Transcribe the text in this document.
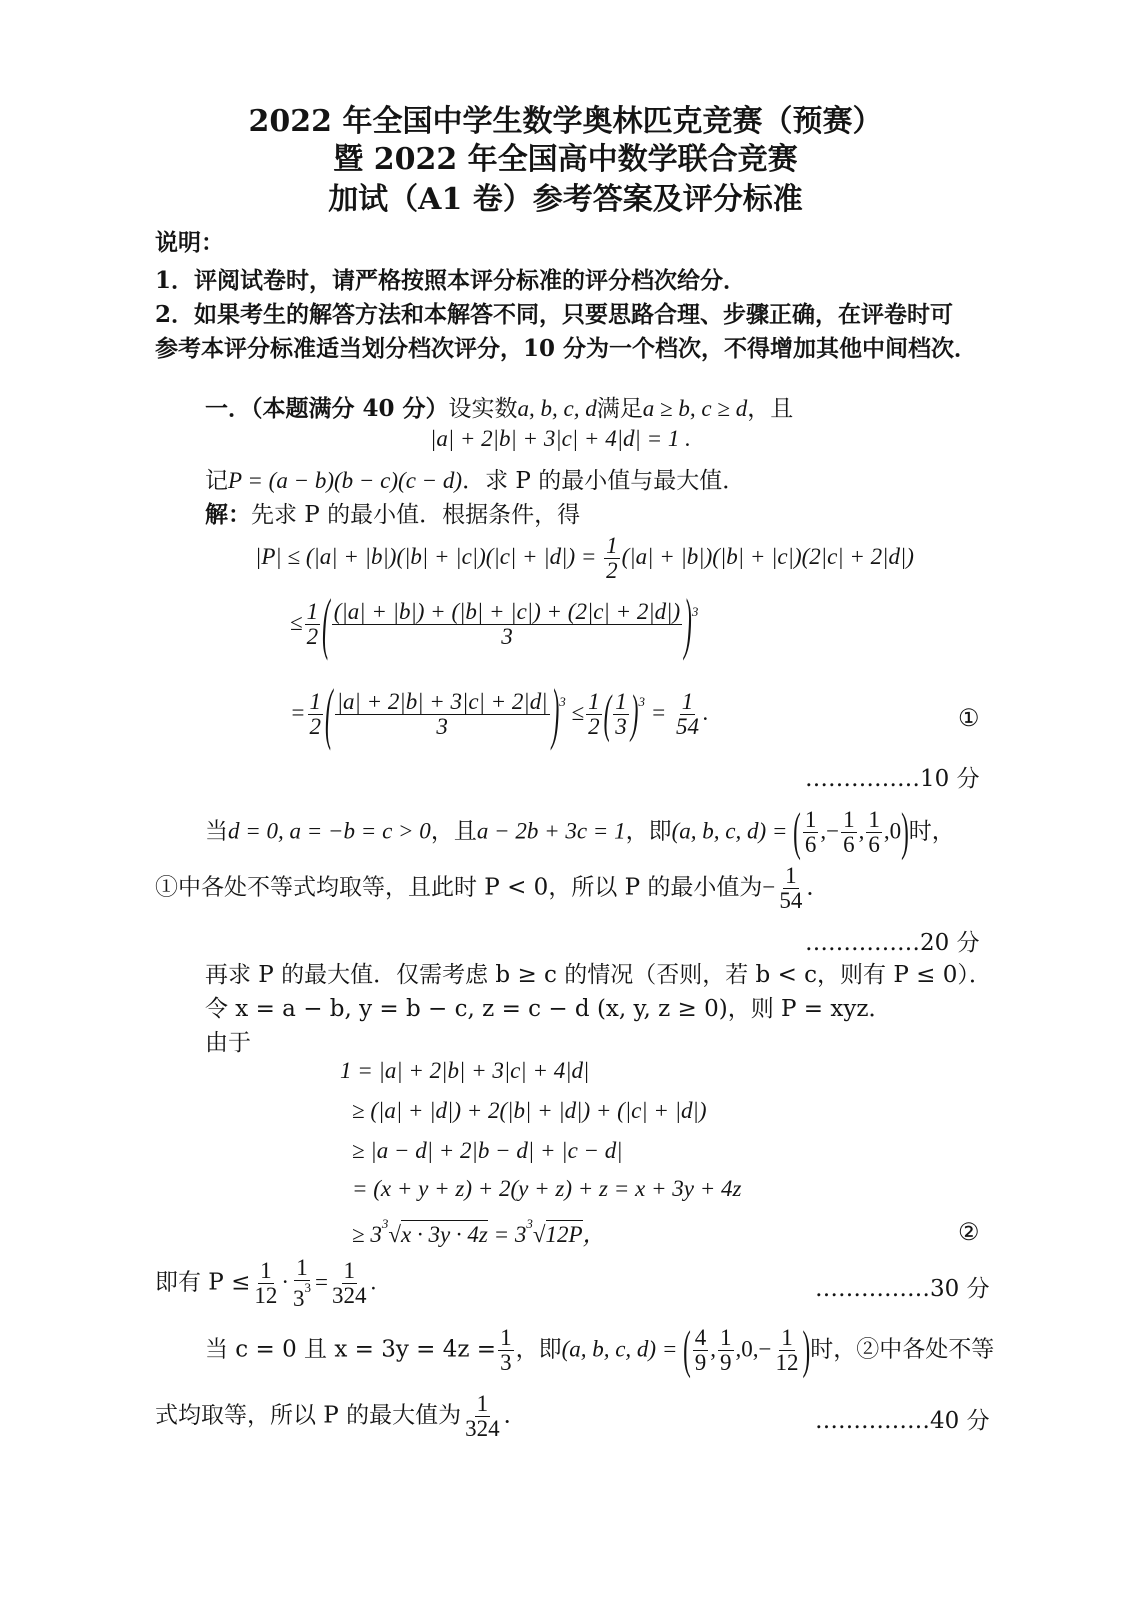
2022 年全国中学生数学奥林匹克竞赛（预赛）
暨 2022 年全国高中数学联合竞赛
加试（A1 卷）参考答案及评分标准
说明：
1．评阅试卷时，请严格按照本评分标准的评分档次给分．
2．如果考生的解答方法和本解答不同，只要思路合理、步骤正确，在评卷时可
参考本评分标准适当划分档次评分，10 分为一个档次，不得增加其他中间档次．
一．（本题满分 40 分）设实数a, b, c, d满足a ≥ b, c ≥ d，且
|a| + 2|b| + 3|c| + 4|d| = 1 .
记P = (a − b)(b − c)(c − d)．求 P 的最小值与最大值．
解：先求 P 的最小值．根据条件，得
$|P| \le (|a| + |b|)(|b| + |c|)(|c| + |d|) = \frac{1}{2} (|a| + |b|)(|b| + |c|)(2|c| + 2|d|)$
≤ $\frac{1}{2}$ ( $\frac{(|a| + |b|) + (|b| + |c|) + (2|c| + 2|d|)}{3} )^3$
= $\frac{1}{2}$ ( $\frac{|a| + 2|b| + 3|c| + 2|d|}{3} )^3 \le \frac{1}{2}$ ( $\frac{1}{3} )^3 = \frac{1}{54}$ .	①
……………10 分
当d = 0, a = −b = c > 0，且a − 2b + 3c = 1，即(a, b, c, d) = ( $\frac{1}{6}$ ,− $\frac{1}{6}$ , $\frac{1}{6} ,0$)时，
①中各处不等式均取等，且此时 P < 0，所以 P 的最小值为− $\frac{1}{54}$ ．
……………20 分
再求 P 的最大值．仅需考虑 b ≥ c 的情况（否则，若 b < c，则有 P ≤ 0）．
令 x = a − b, y = b − c, z = c − d (x, y, z ≥ 0)，则 P = xyz．
由于
1 = |a| + 2|b| + 3|c| + 4|d|
≥ (|a| + |d|) + 2(|b| + |d|) + (|c| + |d|)
≥ |a − d| + 2|b − d| + |c − d|
= (x + y + z) + 2(y + z) + z = x + 3y + 4z
≥ $3^3√x \cdot 3y \cdot 4z = 3^3√12P$，	②
即有 $P \le \frac{1}{12} \cdot \frac{1}{3^3} = \frac{1}{324}$ .	……………30 分
当 c = 0 且 $x = 3y = 4z = \frac{1}{3}$ ，即(a, b, c, d) = ( $\frac{4}{9}$ , $\frac{1}{9} ,0,- \frac{1}{12}$ )时，②中各处不等
式均取等，所以 P 的最大值为 $\frac{1}{324}$ ．	……………40 分
